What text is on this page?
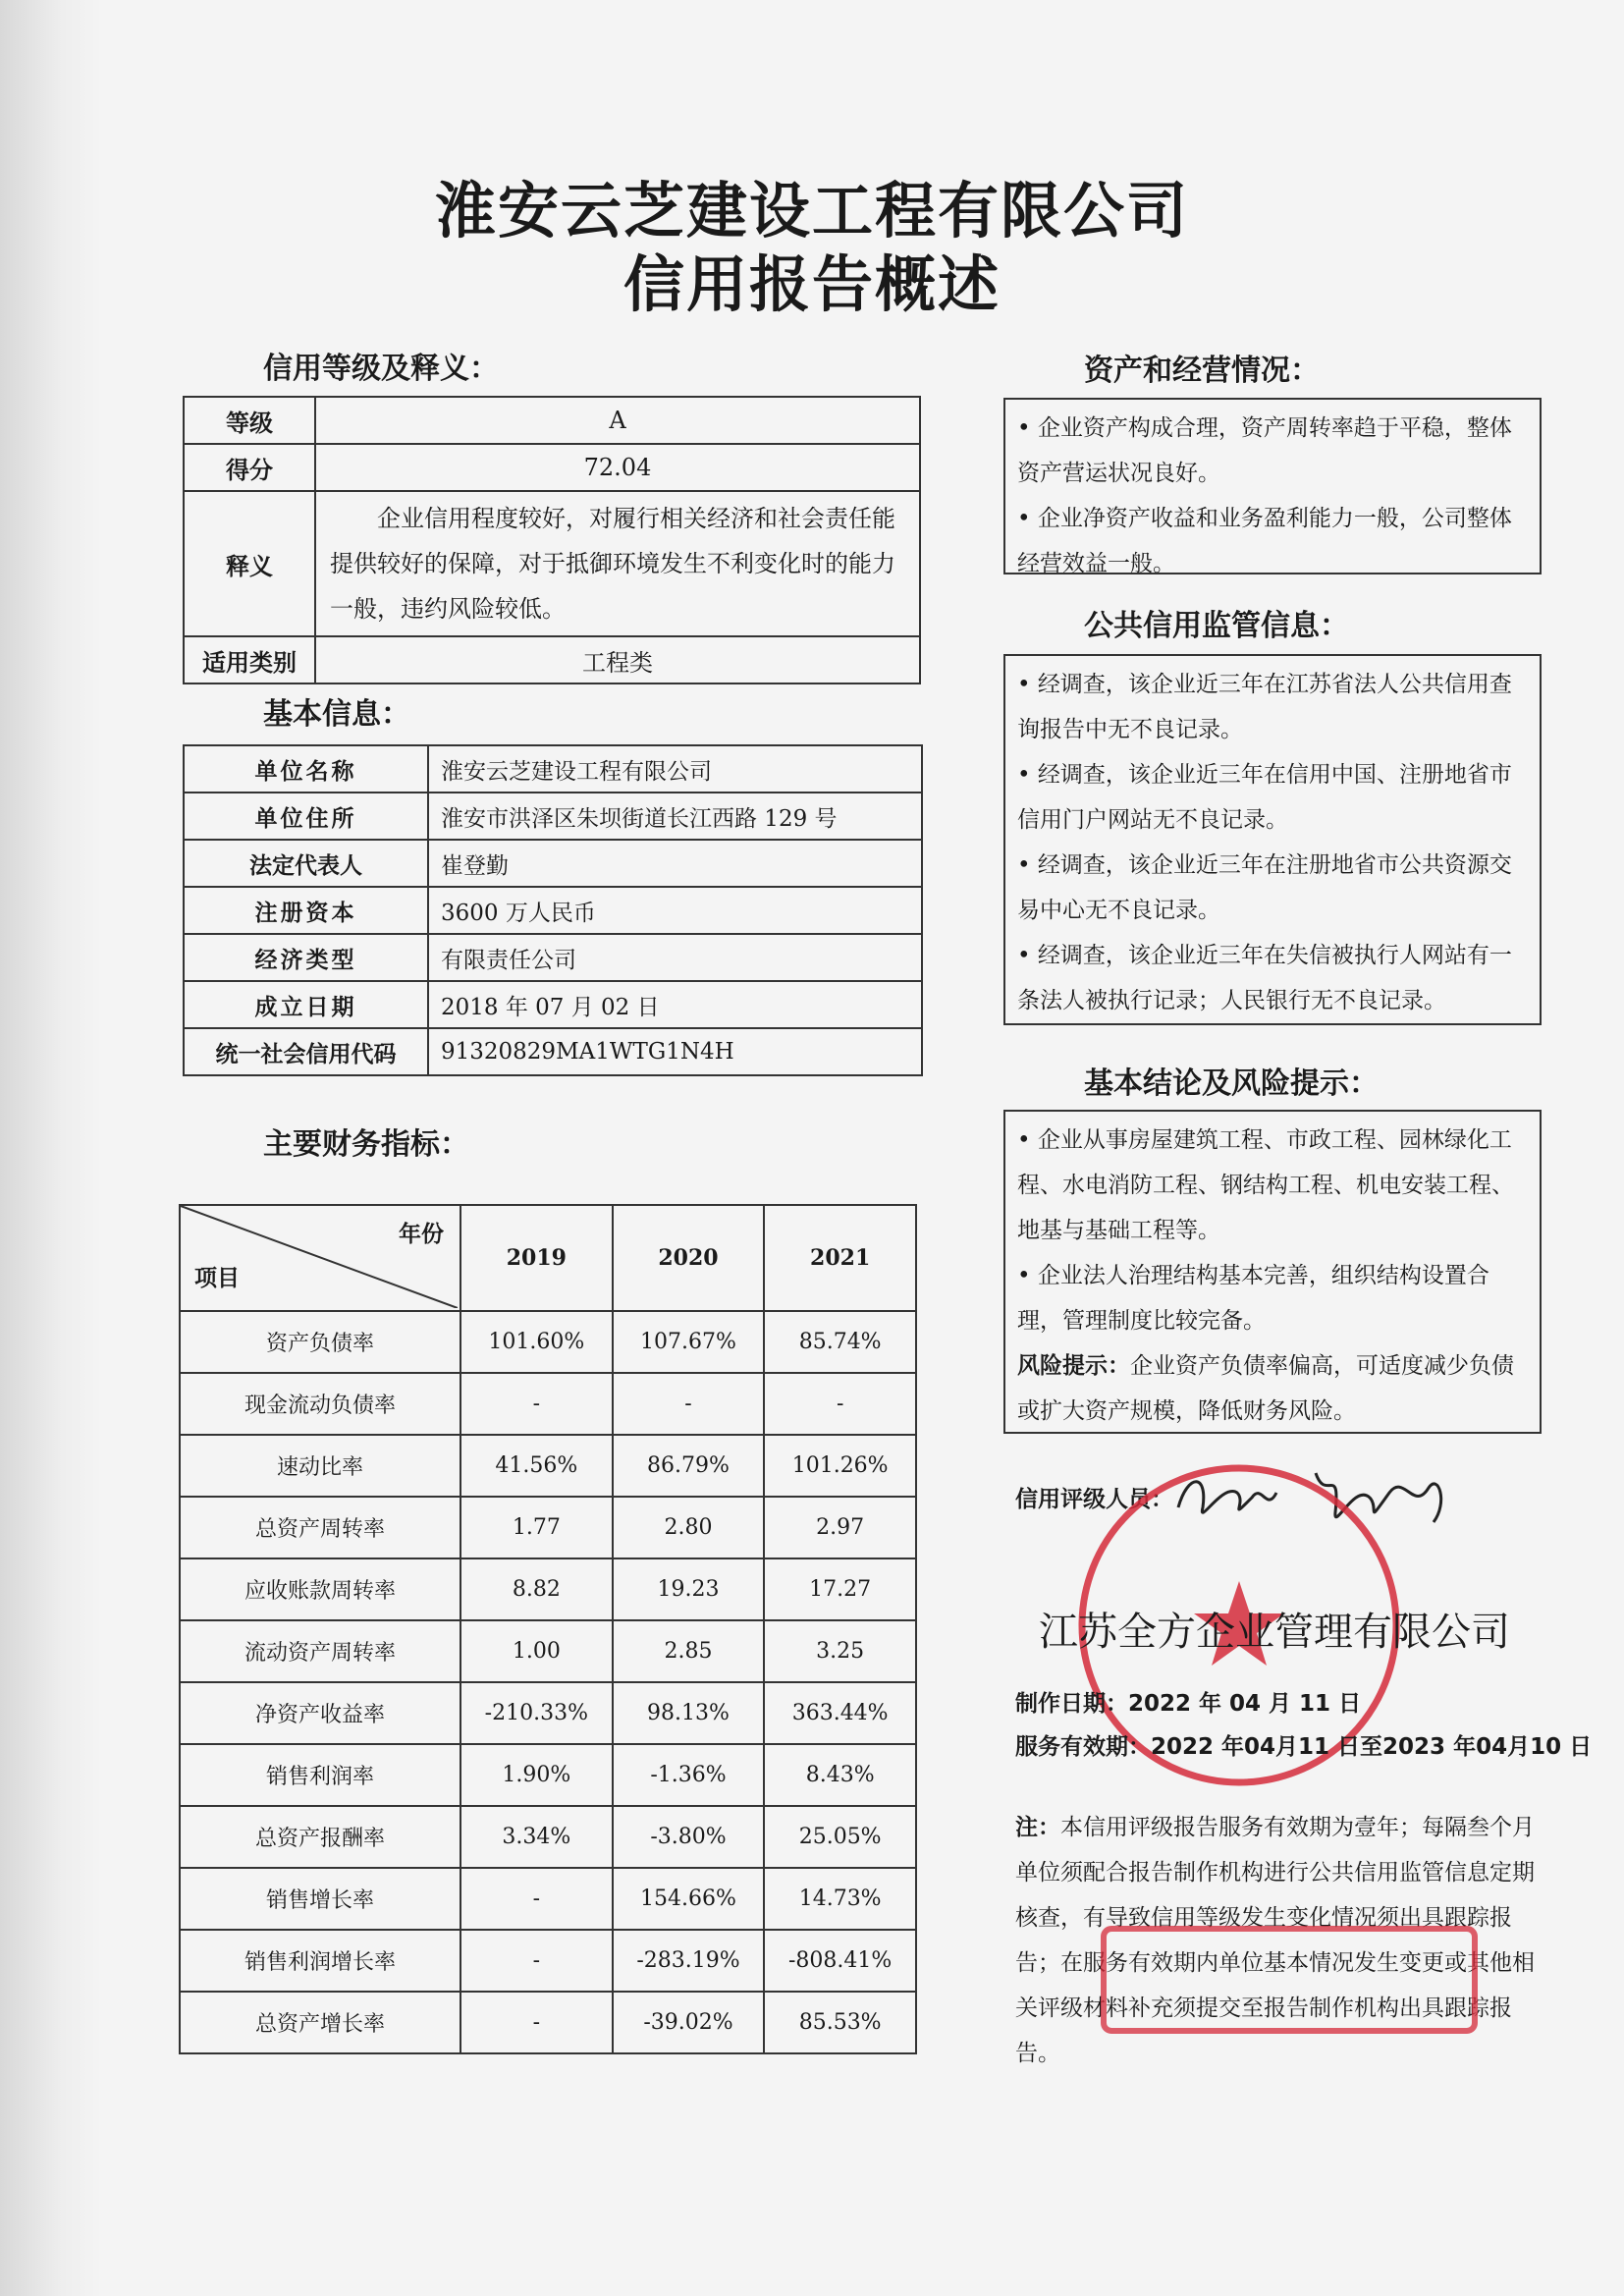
淮安云芝建设工程有限公司
信用报告概述
信用等级及释义：
等级	A
得分	72.04
释义	企业信用程度较好，对履行相关经济和社会责任能提供较好的保障，对于抵御环境发生不利变化时的能力一般，违约风险较低。
适用类别	工程类
基本信息：
单位名称	淮安云芝建设工程有限公司
单位住所	淮安市洪泽区朱坝街道长江西路 129 号
法定代表人	崔登勤
注册资本	3600 万人民币
经济类型	有限责任公司
成立日期	2018 年 07 月 02 日
统一社会信用代码	91320829MA1WTG1N4H
主要财务指标：
年份
项目	2019	2020	2021
资产负债率	101.60%	107.67%	85.74%
现金流动负债率	-	-	-
速动比率	41.56%	86.79%	101.26%
总资产周转率	1.77	2.80	2.97
应收账款周转率	8.82	19.23	17.27
流动资产周转率	1.00	2.85	3.25
净资产收益率	-210.33%	98.13%	363.44%
销售利润率	1.90%	-1.36%	8.43%
总资产报酬率	3.34%	-3.80%	25.05%
销售增长率	-	154.66%	14.73%
销售利润增长率	-	-283.19%	-808.41%
总资产增长率	-	-39.02%	85.53%
资产和经营情况：

• 企业资产构成合理，资产周转率趋于平稳，整体资产营运状况良好。

• 企业净资产收益和业务盈利能力一般，公司整体经营效益一般。

公共信用监管信息：

• 经调查，该企业近三年在江苏省法人公共信用查询报告中无不良记录。

• 经调查，该企业近三年在信用中国、注册地省市信用门户网站无不良记录。

• 经调查，该企业近三年在注册地省市公共资源交易中心无不良记录。

• 经调查，该企业近三年在失信被执行人网站有一条法人被执行记录；人民银行无不良记录。

基本结论及风险提示：

• 企业从事房屋建筑工程、市政工程、园林绿化工程、水电消防工程、钢结构工程、机电安装工程、地基与基础工程等。

• 企业法人治理结构基本完善，组织结构设置合理，管理制度比较完备。

风险提示：企业资产负债率偏高，可适度减少负债或扩大资产规模，降低财务风险。

信用评级人员：
江苏全方企业管理有限公司
制作日期：2022 年 04 月 11 日
服务有效期：2022 年04月11 日至2023 年04月10 日
注：本信用评级报告服务有效期为壹年；每隔叁个月单位须配合报告制作机构进行公共信用监管信息定期核查，有导致信用等级发生变化情况须出具跟踪报告；在服务有效期内单位基本情况发生变更或其他相关评级材料补充须提交至报告制作机构出具跟踪报告。
